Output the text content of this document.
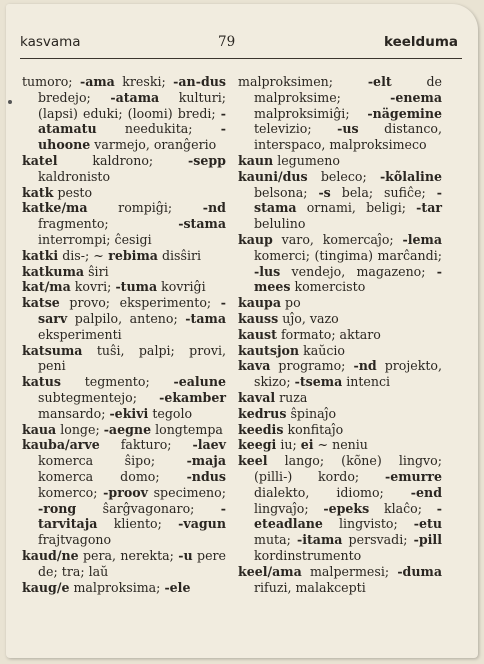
kasvama	79	keelduma

tumoro; -ama kreski; -an-dus bredejo; -atama kulturi; (lapsi) eduki; (loomi) bredi; -atamatu needukita; -uhoone varmejo, oranĝerio

katel kaldrono; -sepp kaldronisto

katk pesto

katke/ma rompiĝi; -nd fragmento; -stama interrompi; ĉesigi

katki dis-; ~ rebima disŝiri

katkuma ŝiri

kat/ma kovri; -tuma kovriĝi

katse provo; eksperimento; -sarv palpilo, anteno; -tama eksperimenti

katsuma tuŝi, palpi; provi, peni

katus tegmento; -ealune subtegmentejo; -ekamber mansardo; -ekivi tegolo

kaua longe; -aegne longtempa

kauba/arve fakturo; -laev komerca ŝipo; -maja komerca domo; -ndus komerco; -proov specimeno; -rong ŝarĝvagonaro; -tarvitaja kliento; -vagun frajtvagono

kaud/ne pera, nerekta; -u pere de; tra; laŭ

kaug/e malproksima; -ele

malproksimen; -elt de malproksime; -enema malproksimiĝi; -nägemine televizio; -us distanco, interspaco, malproksimeco

kaun legumeno

kauni/dus beleco; -kõlaline belsona; -s bela; sufiĉe; -stama ornami, beligi; -tar belulino

kaup varo, komercaĵo; -lema komerci; (tingima) marĉandi; -lus vendejo, magazeno; -mees komercisto

kaupa po

kauss uĵo, vazo

kaust formato; aktaro

kautsjon kaŭcio

kava programo; -nd projekto, skizo; -tsema intenci

kaval ruza

kedrus ŝpinaĵo

keedis konfitaĵo

keegi iu; ei ~ neniu

keel lango; (kõne) lingvo; (pilli-) kordo; -emurre dialekto, idiomo; -end lingvaĵo; -epeks klaĉo; -eteadlane lingvisto; -etu muta; -itama persvadi; -pill kordinstrumento

keel/ama malpermesi; -duma rifuzi, malakcepti
